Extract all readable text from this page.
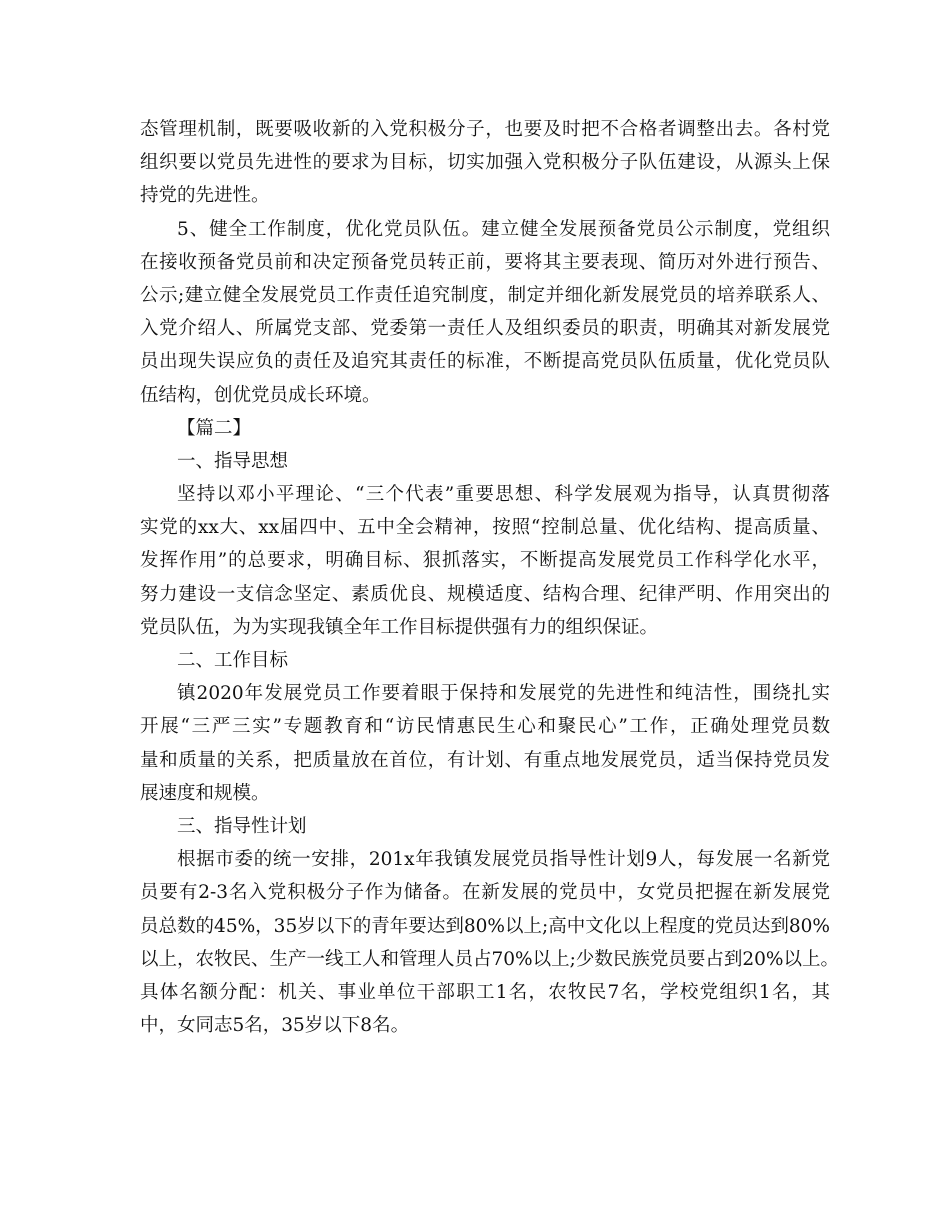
态管理机制，既要吸收新的入党积极分子，也要及时把不合格者调整出去。各村党
组织要以党员先进性的要求为目标，切实加强入党积极分子队伍建设，从源头上保
持党的先进性。
5、健全工作制度，优化党员队伍。建立健全发展预备党员公示制度，党组织
在接收预备党员前和决定预备党员转正前，要将其主要表现、简历对外进行预告、
公示;建立健全发展党员工作责任追究制度，制定并细化新发展党员的培养联系人、
入党介绍人、所属党支部、党委第一责任人及组织委员的职责，明确其对新发展党
员出现失误应负的责任及追究其责任的标准，不断提高党员队伍质量，优化党员队
伍结构，创优党员成长环境。
【篇二】
一、指导思想
坚持以邓小平理论、“三个代表”重要思想、科学发展观为指导，认真贯彻落
实党的xx大、xx届四中、五中全会精神，按照“控制总量、优化结构、提高质量、
发挥作用”的总要求，明确目标、狠抓落实，不断提高发展党员工作科学化水平，
努力建设一支信念坚定、素质优良、规模适度、结构合理、纪律严明、作用突出的
党员队伍，为为实现我镇全年工作目标提供强有力的组织保证。
二、工作目标
镇2020年发展党员工作要着眼于保持和发展党的先进性和纯洁性，围绕扎实
开展“三严三实”专题教育和“访民情惠民生心和聚民心”工作，正确处理党员数
量和质量的关系，把质量放在首位，有计划、有重点地发展党员，适当保持党员发
展速度和规模。
三、指导性计划
根据市委的统一安排，201x年我镇发展党员指导性计划9人，每发展一名新党
员要有2-3名入党积极分子作为储备。在新发展的党员中，女党员把握在新发展党
员总数的45%，35岁以下的青年要达到80%以上;高中文化以上程度的党员达到80%
以上，农牧民、生产一线工人和管理人员占70%以上;少数民族党员要占到20%以上。
具体名额分配：机关、事业单位干部职工1名，农牧民7名，学校党组织1名，其
中，女同志5名，35岁以下8名。
